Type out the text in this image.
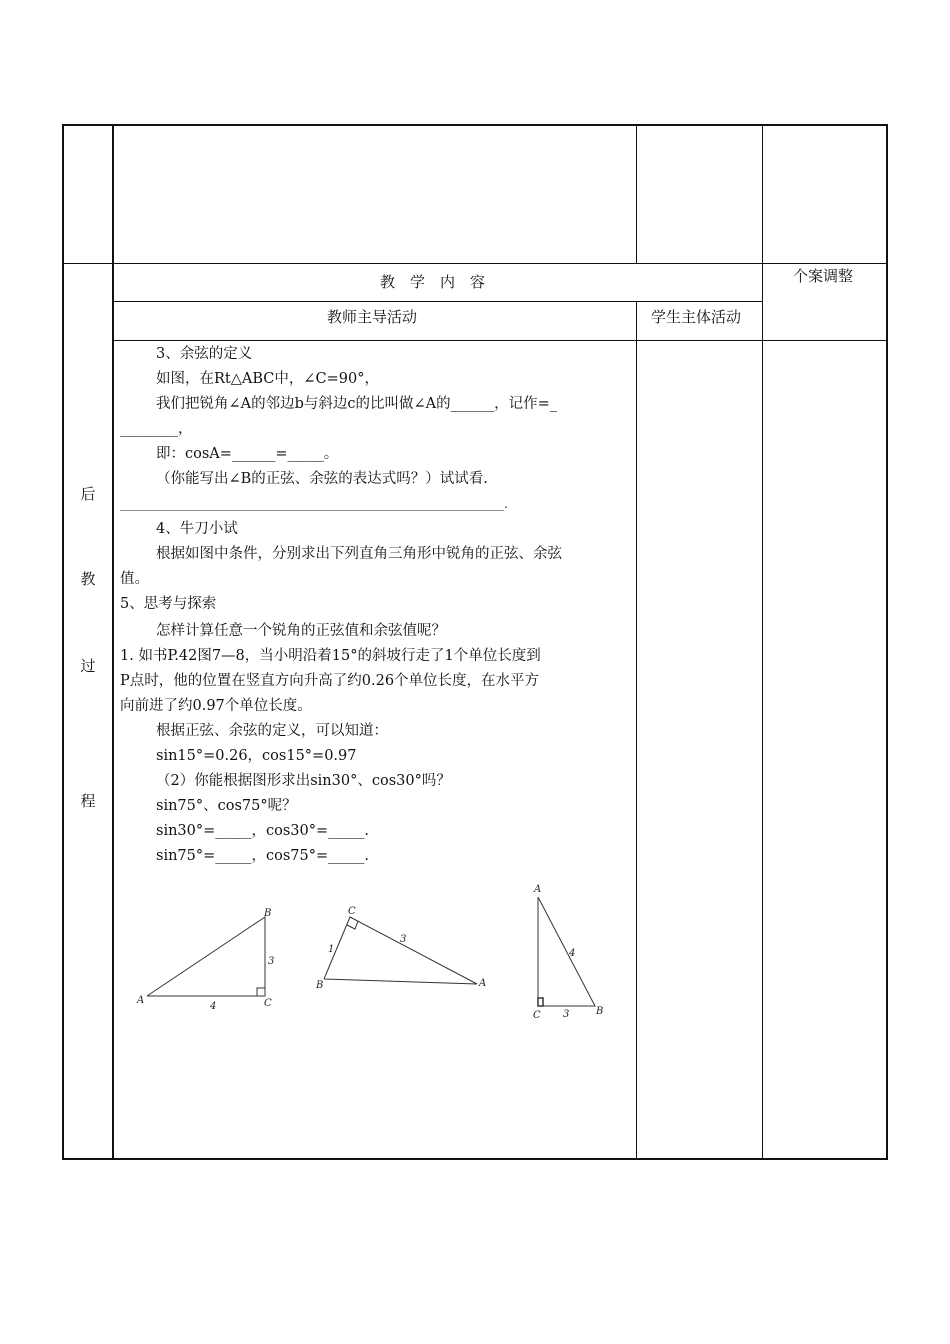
教　学　内　容	个案调整
教师主导活动	学生主体活动
后
教
过
程
3、余弦的定义
如图，在Rt△ABC中，∠C=90°，
我们把锐角∠A的邻边b与斜边c的比叫做∠A的______，记作=_
________，
即：cosA=______=_____。
（你能写出∠B的正弦、余弦的表达式吗？）试试看.
________________________________________________________________.
4、牛刀小试
根据如图中条件，分别求出下列直角三角形中锐角的正弦、余弦
值。
5、思考与探索
怎样计算任意一个锐角的正弦值和余弦值呢？
1. 如书P.42图7—8，当小明沿着15°的斜坡行走了1个单位长度到
P点时，他的位置在竖直方向升高了约0.26个单位长度，在水平方
向前进了约0.97个单位长度。
根据正弦、余弦的定义，可以知道：
sin15°=0.26，cos15°=0.97
（2）你能根据图形求出sin30°、cos30°吗？
sin75°、cos75°呢？
sin30°=_____，cos30°=_____.
sin75°=_____，cos75°=_____.
A
B
C
3
4
A
B
C
1
3
A
B
C
4
3
